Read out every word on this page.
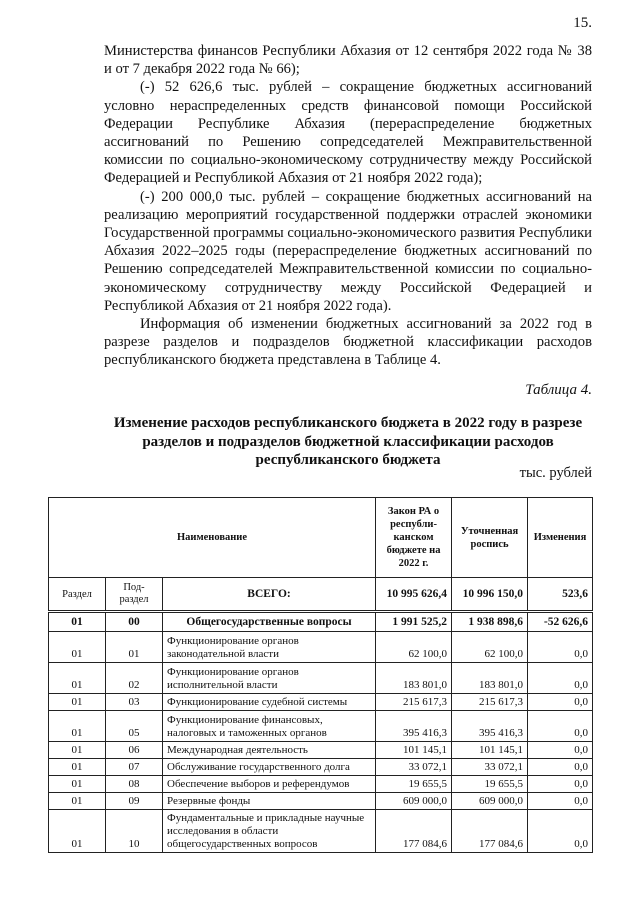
15.

Министерства финансов Республики Абхазия от 12 сентября 2022 года № 38 и от 7 декабря 2022 года № 66);

(-) 52 626,6 тыс. рублей – сокращение бюджетных ассигнований условно нераспределенных средств финансовой помощи Российской Федерации Республике Абхазия (перераспределение бюджетных ассигнований по Решению сопредседателей Межправительственной комиссии по социально-экономическому сотрудничеству между Российской Федерацией и Республикой Абхазия от 21 ноября 2022 года);

(-) 200 000,0 тыс. рублей – сокращение бюджетных ассигнований на реализацию мероприятий государственной поддержки отраслей экономики Государственной программы социально-экономического развития Республики Абхазия 2022–2025 годы (перераспределение бюджетных ассигнований по Решению сопредседателей Межправительственной комиссии по социально-экономическому сотрудничеству между Российской Федерацией и Республикой Абхазия от 21 ноября 2022 года).

Информация об изменении бюджетных ассигнований за 2022 год в разрезе разделов и подразделов бюджетной классификации расходов республиканского бюджета представлена в Таблице 4.

Таблица 4.
Изменение расходов республиканского бюджета в 2022 году в разрезе разделов и подразделов бюджетной классификации расходов республиканского бюджета
тыс. рублей
Наименование			Закон РА о республи-канском бюджете на 2022 г.	Уточненная роспись	Изменения
Раздел	Под-раздел	ВСЕГО:	10 995 626,4	10 996 150,0	523,6
01	00	Общегосударственные вопросы	1 991 525,2	1 938 898,6	-52 626,6
01	01	Функционирование органов законодательной власти	62 100,0	62 100,0	0,0
01	02	Функционирование органов исполнительной власти	183 801,0	183 801,0	0,0
01	03	Функционирование судебной системы	215 617,3	215 617,3	0,0
01	05	Функционирование финансовых, налоговых и таможенных органов	395 416,3	395 416,3	0,0
01	06	Международная деятельность	101 145,1	101 145,1	0,0
01	07	Обслуживание государственного долга	33 072,1	33 072,1	0,0
01	08	Обеспечение выборов и референдумов	19 655,5	19 655,5	0,0
01	09	Резервные фонды	609 000,0	609 000,0	0,0
01	10	Фундаментальные и прикладные научные исследования в области общегосударственных вопросов	177 084,6	177 084,6	0,0
